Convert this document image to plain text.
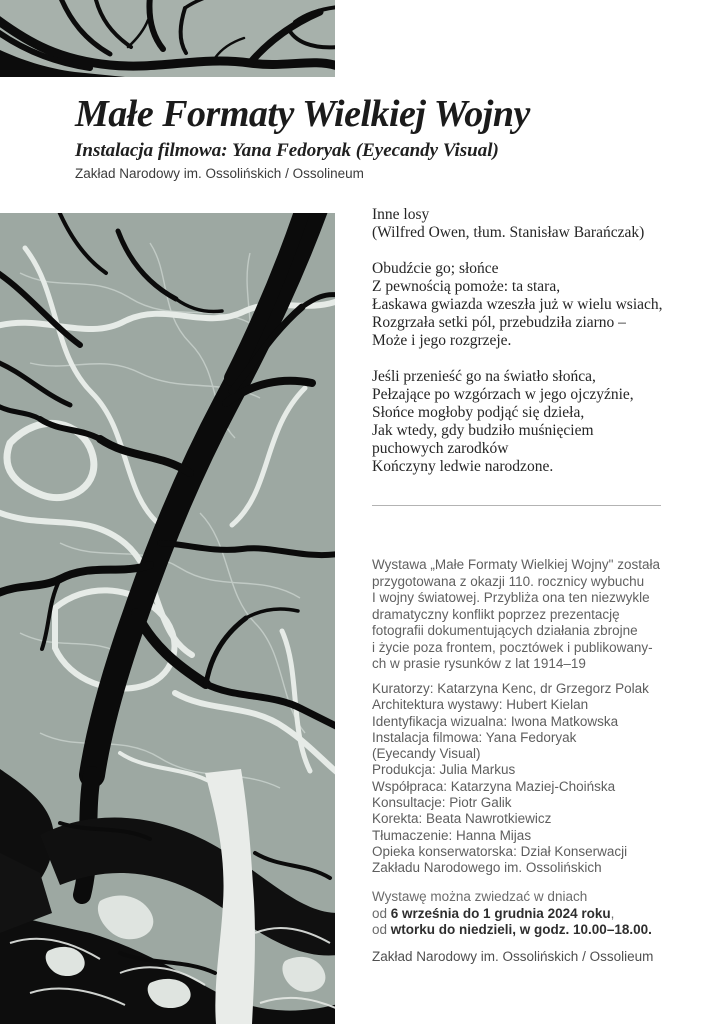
Małe Formaty Wielkiej Wojny
Instalacja filmowa: Yana Fedoryak (Eyecandy Visual)
Zakład Narodowy im. Ossolińskich / Ossolineum
Inne losy
(Wilfred Owen, tłum. Stanisław Barańczak)
Obudźcie go; słońce
Z pewnością pomoże: ta stara,
Łaskawa gwiazda wzeszła już w wielu wsiach,
Rozgrzała setki pól, przebudziła ziarno –
Może i jego rozgrzeje.
Jeśli przenieść go na światło słońca,
Pełzające po wzgórzach w jego ojczyźnie,
Słońce mogłoby podjąć się dzieła,
Jak wtedy, gdy budziło muśnięciem
puchowych zarodków
Kończyny ledwie narodzone.
Wystawa „Małe Formaty Wielkiej Wojny" została
przygotowana z okazji 110. rocznicy wybuchu
I wojny światowej. Przybliża ona ten niezwykle
dramatyczny konflikt poprzez prezentację
fotografii dokumentujących działania zbrojne
i życie poza frontem, pocztówek i publikowany-
ch w prasie rysunków z lat 1914–19
Kuratorzy: Katarzyna Kenc, dr Grzegorz Polak
Architektura wystawy: Hubert Kielan
Identyfikacja wizualna: Iwona Matkowska
Instalacja filmowa: Yana Fedoryak
(Eyecandy Visual)
Produkcja: Julia Markus
Współpraca: Katarzyna Maziej-Choińska
Konsultacje: Piotr Galik
Korekta: Beata Nawrotkiewicz
Tłumaczenie: Hanna Mijas
Opieka konserwatorska: Dział Konserwacji
Zakładu Narodowego im. Ossolińskich
Wystawę można zwiedzać w dniach
od 6 września do 1 grudnia 2024 roku,
od wtorku do niedzieli, w godz. 10.00–18.00.
Zakład Narodowy im. Ossolińskich / Ossolieum
